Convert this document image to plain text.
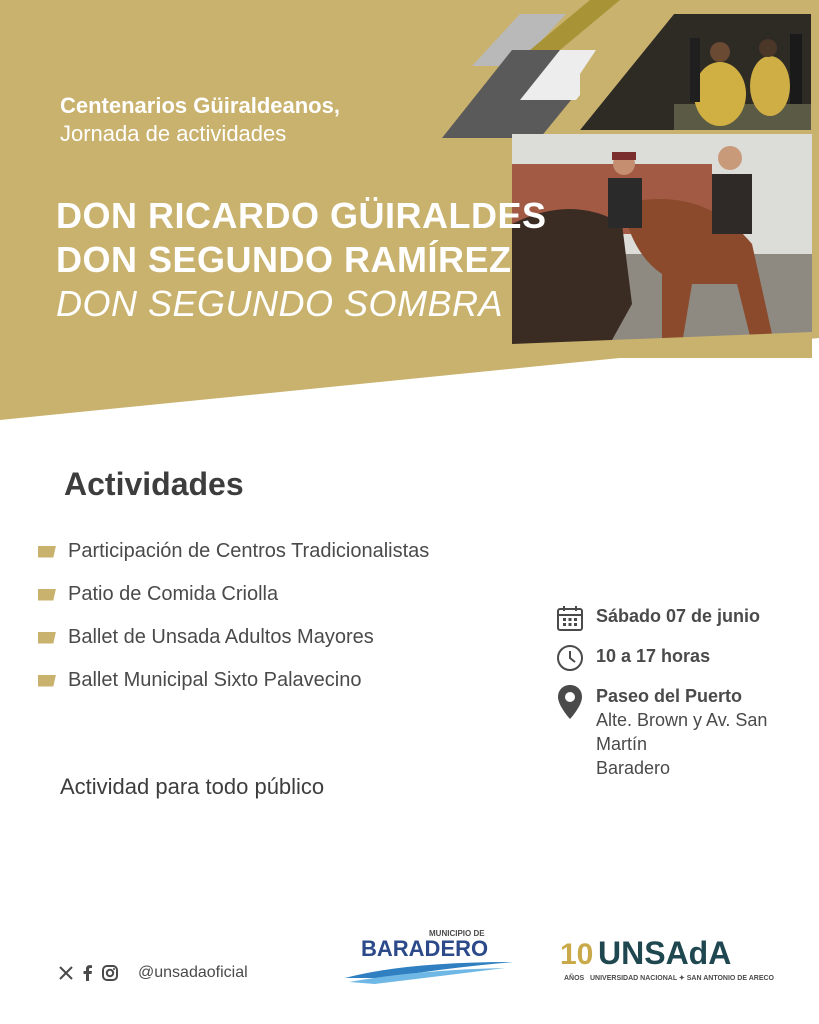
Centenarios Güiraldeanos,
Jornada de actividades
DON RICARDO GÜIRALDES
DON SEGUNDO RAMÍREZ
DON SEGUNDO SOMBRA
Actividades
Participación de Centros Tradicionalistas
Patio de Comida Criolla
Ballet de Unsada Adultos Mayores
Ballet Municipal Sixto Palavecino
Sábado 07 de junio
10 a 17 horas
Paseo del Puerto
Alte. Brown y Av. San Martín
Baradero
Actividad para todo público
@unsadaoficial
MUNICIPIO DE
BARADERO 10 UNSAdA
AÑOS UNIVERSIDAD NACIONAL ✦ SAN ANTONIO DE ARECO
